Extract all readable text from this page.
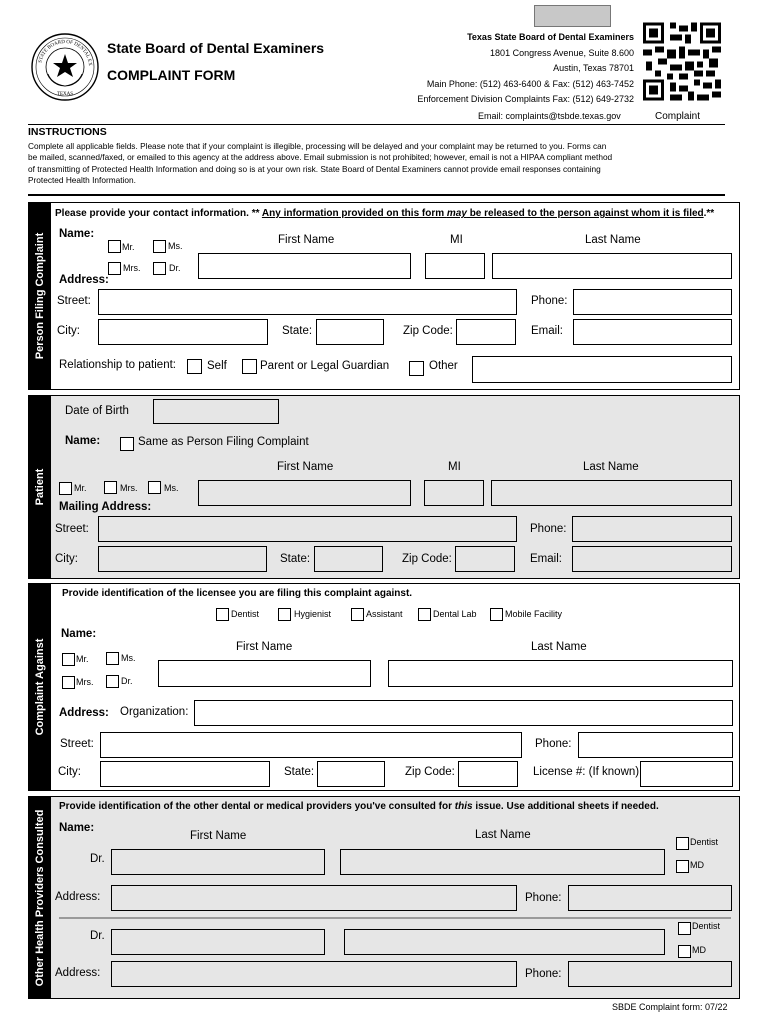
STATE BOARD OF DENTAL EX
TEXAS
State Board of Dental Examiners
COMPLAINT FORM
Texas State Board of Dental Examiners
1801 Congress Avenue, Suite 8.600
Austin, Texas 78701
Main Phone: (512) 463-6400 & Fax: (512) 463-7452
Enforcement Division Complaints Fax: (512) 649-2732
Email: complaints@tsbde.texas.gov	Complaint
INSTRUCTIONS
Complete all applicable fields. Please note that if your complaint is illegible, processing will be delayed and your complaint may be returned to you. Forms can
be mailed, scanned/faxed, or emailed to this agency at the address above. Email submission is not prohibited; however, email is not a HIPAA compliant method
of transmitting of Protected Health Information and doing so is at your own risk. State Board of Dental Examiners cannot provide email responses containing
Protected Health Information.
Person Filing Complaint
Please provide your contact information. ** Any information provided on this form may be released to the person against whom it is filed.**
Name:
Mr.	Ms.
Mrs.	Dr.
First Name	MI	Last Name
Address:
Street:	Phone:
City:	State:	Zip Code:	Email:
Relationship to patient:	Self	Parent or Legal Guardian	Other
Patient
Date of Birth
Name:	Same as Person Filing Complaint
First Name	MI	Last Name
Mr.	Mrs.	Ms.
Mailing Address:
Street:	Phone:
City:	State:	Zip Code:	Email:
Complaint Against
Provide identification of the licensee you are filing this complaint against.
Dentist	Hygienist	Assistant	Dental Lab	Mobile Facility
Name:
Mr.	Ms.
Mrs.	Dr.
First Name	Last Name
Address: Organization:
Street:	Phone:
City:	State:	Zip Code:	License #: (If known)
Other Health Providers Consulted
Provide identification of the other dental or medical providers you've consulted for this issue. Use additional sheets if needed.
Name:
First Name	Last Name
Dr.
Dentist
MD
Address:	Phone:
Dr.
Dentist
MD
Address:	Phone:
SBDE Complaint form: 07/22
